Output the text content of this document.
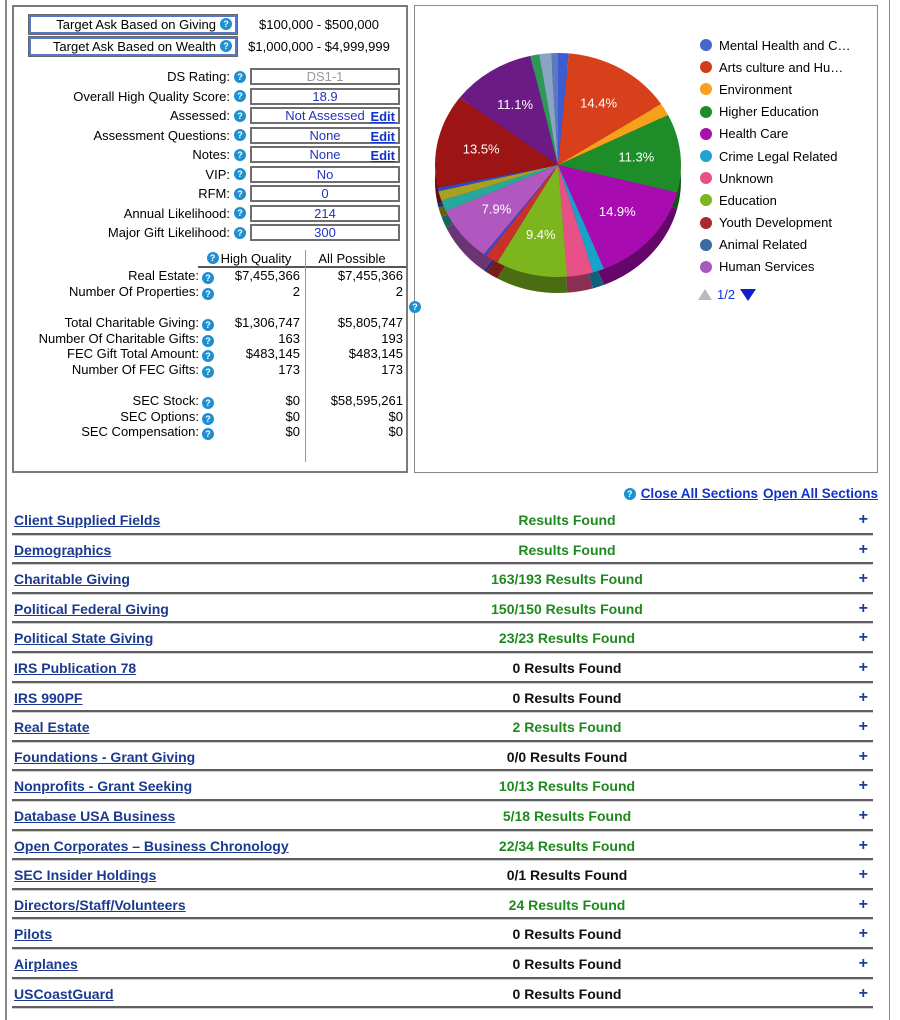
Target Ask Based on Giving ?	$100,000 - $500,000
Target Ask Based on Wealth ?	$1,000,000 - $4,999,999
DS Rating: ?	DS1-1
Overall High Quality Score: ?	18.9
Assessed: ?	Not Assessed Edit
Assessment Questions: ?	None Edit
Notes: ?	None Edit
VIP: ?	No
RFM: ?	0
Annual Likelihood: ?	214
Major Gift Likelihood: ?	300
? High Quality	All Possible
Real Estate: ?	$7,455,366	$7,455,366
Number Of Properties: ?	2	2
Total Charitable Giving: ?	$1,306,747	$5,805,747
Number Of Charitable Gifts: ?	163	193
FEC Gift Total Amount: ?	$483,145	$483,145
Number Of FEC Gifts: ?	173	173
SEC Stock: ?	$0	$58,595,261
SEC Options: ?	$0	$0
SEC Compensation: ?	$0	$0
14.4%
11.3%
14.9%
9.4%
7.9%
13.5%
11.1%
Mental Health and C…
Arts culture and Hu…
Environment
Higher Education
Health Care
Crime Legal Related
Unknown
Education
Youth Development
Animal Related
Human Services
1/2
?
? Close All Sections Open All Sections
Client Supplied Fields	Results Found	+
Demographics	Results Found	+
Charitable Giving	163/193 Results Found	+
Political Federal Giving	150/150 Results Found	+
Political State Giving	23/23 Results Found	+
IRS Publication 78	0 Results Found	+
IRS 990PF	0 Results Found	+
Real Estate	2 Results Found	+
Foundations - Grant Giving	0/0 Results Found	+
Nonprofits - Grant Seeking	10/13 Results Found	+
Database USA Business	5/18 Results Found	+
Open Corporates – Business Chronology	22/34 Results Found	+
SEC Insider Holdings	0/1 Results Found	+
Directors/Staff/Volunteers	24 Results Found	+
Pilots	0 Results Found	+
Airplanes	0 Results Found	+
USCoastGuard	0 Results Found	+
